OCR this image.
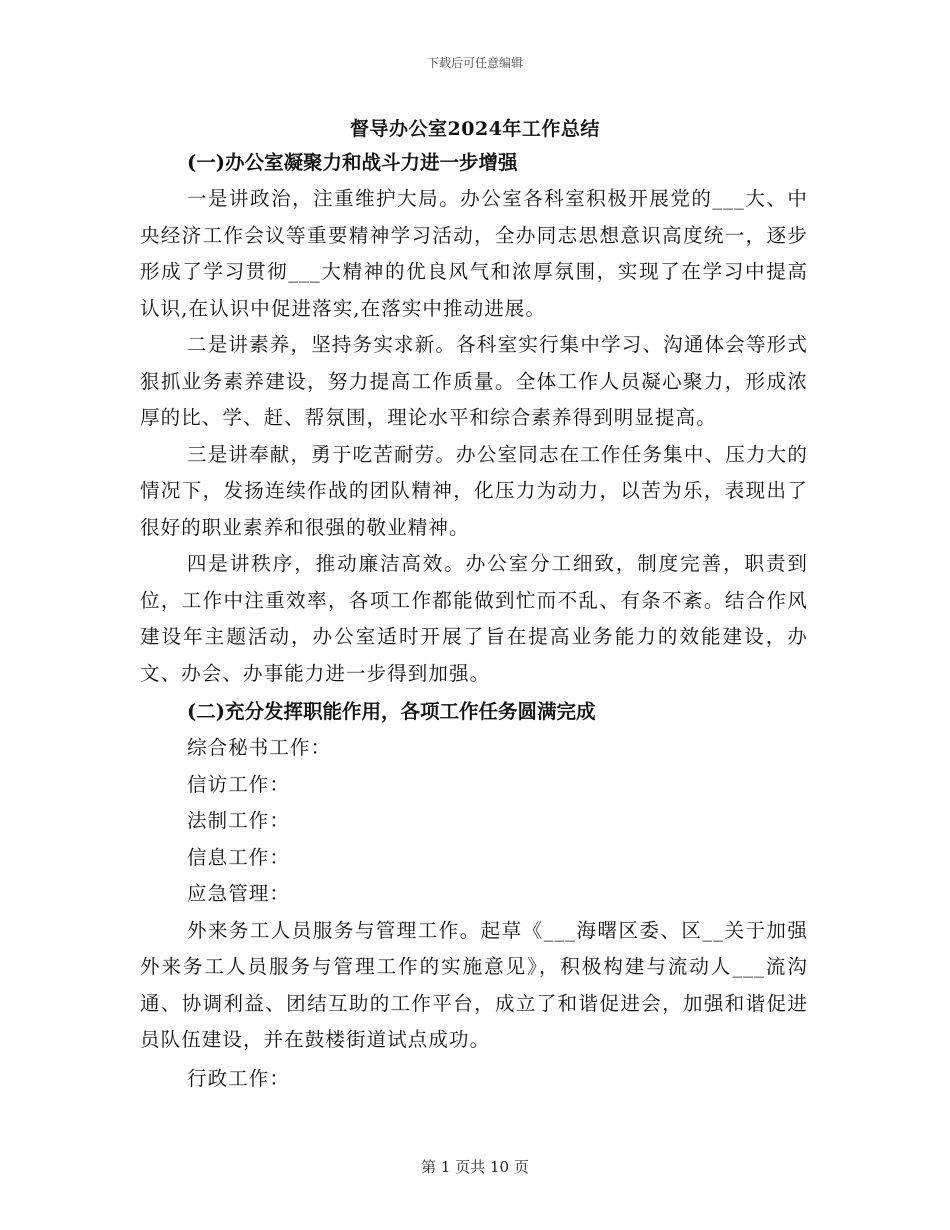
下载后可任意编辑
督导办公室2024年工作总结

(一)办公室凝聚力和战斗力进一步增强

一是讲政治，注重维护大局。办公室各科室积极开展党的___大、中央经济工作会议等重要精神学习活动，全办同志思想意识高度统一，逐步形成了学习贯彻___大精神的优良风气和浓厚氛围，实现了在学习中提高认识,在认识中促进落实,在落实中推动进展。

二是讲素养，坚持务实求新。各科室实行集中学习、沟通体会等形式狠抓业务素养建设，努力提高工作质量。全体工作人员凝心聚力，形成浓厚的比、学、赶、帮氛围，理论水平和综合素养得到明显提高。

三是讲奉献，勇于吃苦耐劳。办公室同志在工作任务集中、压力大的情况下，发扬连续作战的团队精神，化压力为动力，以苦为乐，表现出了很好的职业素养和很强的敬业精神。

四是讲秩序，推动廉洁高效。办公室分工细致，制度完善，职责到位，工作中注重效率，各项工作都能做到忙而不乱、有条不紊。结合作风建设年主题活动，办公室适时开展了旨在提高业务能力的效能建设，办文、办会、办事能力进一步得到加强。

(二)充分发挥职能作用，各项工作任务圆满完成

综合秘书工作：

信访工作：

法制工作：

信息工作：

应急管理：

外来务工人员服务与管理工作。起草《___海曙区委、区__关于加强外来务工人员服务与管理工作的实施意见》，积极构建与流动人___流沟通、协调利益、团结互助的工作平台，成立了和谐促进会，加强和谐促进员队伍建设，并在鼓楼街道试点成功。

行政工作：

第 1 页共 10 页
